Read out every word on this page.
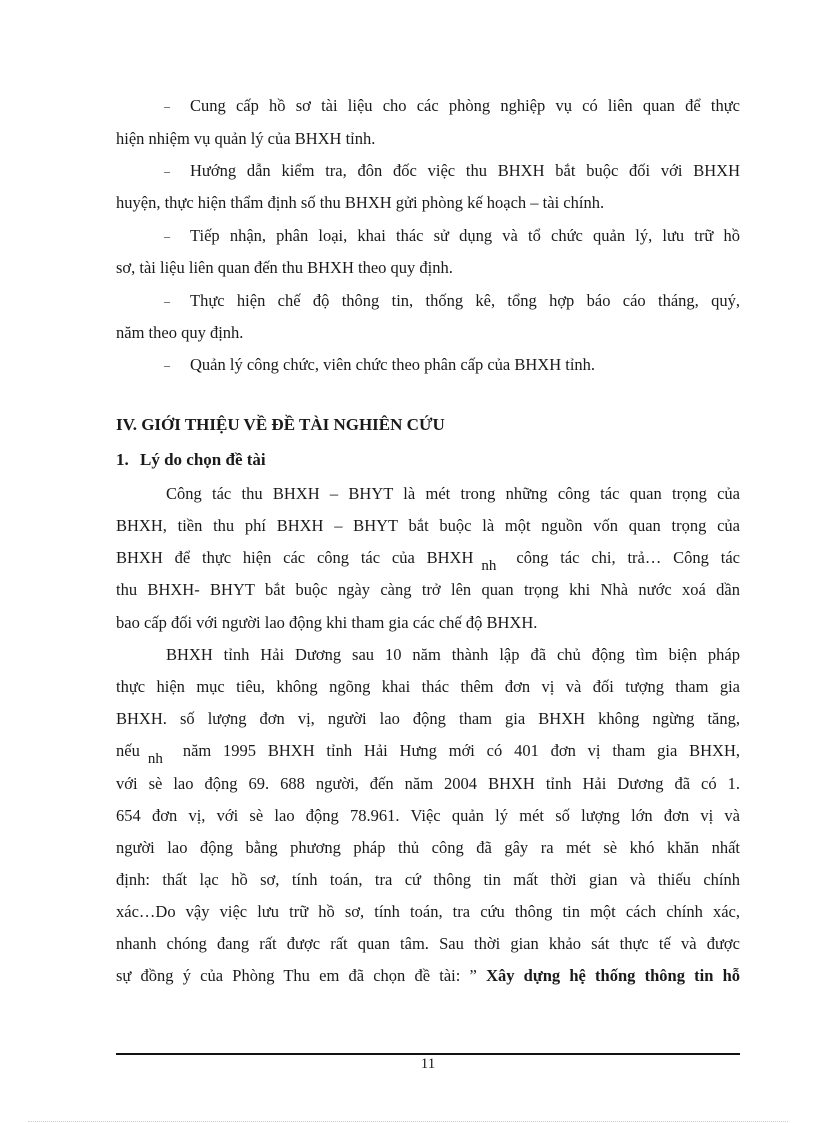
– Cung cấp hồ sơ tài liệu cho các phòng nghiệp vụ có liên quan để thực
hiện nhiệm vụ quản lý của BHXH tỉnh.
– Hướng dẫn kiểm tra, đôn đốc việc thu BHXH bắt buộc đối với BHXH
huyện, thực hiện thẩm định số thu BHXH gửi phòng kế hoạch – tài chính.
– Tiếp nhận, phân loại, khai thác sử dụng và tổ chức quản lý, lưu trữ hồ
sơ, tài liệu liên quan đến thu BHXH theo quy định.
– Thực hiện chế độ thông tin, thống kê, tổng hợp báo cáo tháng, quý,
năm theo quy định.
– Quản lý công chức, viên chức theo phân cấp của BHXH tỉnh.
IV. GIỚI THIỆU VỀ ĐỀ TÀI NGHIÊN CỨU
1. Lý do chọn đề tài
Công tác thu BHXH – BHYT là mét trong những công tác quan trọng của
BHXH, tiền thu phí BHXH – BHYT bắt buộc là một nguồn vốn quan trọng của
BHXH để thực hiện các công tác của BHXH nh công tác chi, trả… Công tác
thu BHXH- BHYT bắt buộc ngày càng trở lên quan trọng khi Nhà nước xoá dần
bao cấp đối với người lao động khi tham gia các chế độ BHXH.
BHXH tỉnh Hải Dương sau 10 năm thành lập đã chủ động tìm biện pháp
thực hiện mục tiêu, không ngõng khai thác thêm đơn vị và đối tượng tham gia
BHXH. số lượng đơn vị, người lao động tham gia BHXH không ngừng tăng,
nếu nh năm 1995 BHXH tỉnh Hải Hưng mới có 401 đơn vị tham gia BHXH,
với sè lao động 69. 688 người, đến năm 2004 BHXH tỉnh Hải Dương đã có 1.
654 đơn vị, với sè lao động 78.961. Việc quản lý mét số lượng lớn đơn vị và
người lao động bằng phương pháp thủ công đã gây ra mét sè khó khăn nhất
định: thất lạc hồ sơ, tính toán, tra cứ thông tin mất thời gian và thiếu chính
xác…Do vậy việc lưu trữ hồ sơ, tính toán, tra cứu thông tin một cách chính xác,
nhanh chóng đang rất được rất quan tâm. Sau thời gian khảo sát thực tế và được
sự đồng ý của Phòng Thu em đã chọn đề tài: ” Xây dựng hệ thống thông tin hỗ
11
